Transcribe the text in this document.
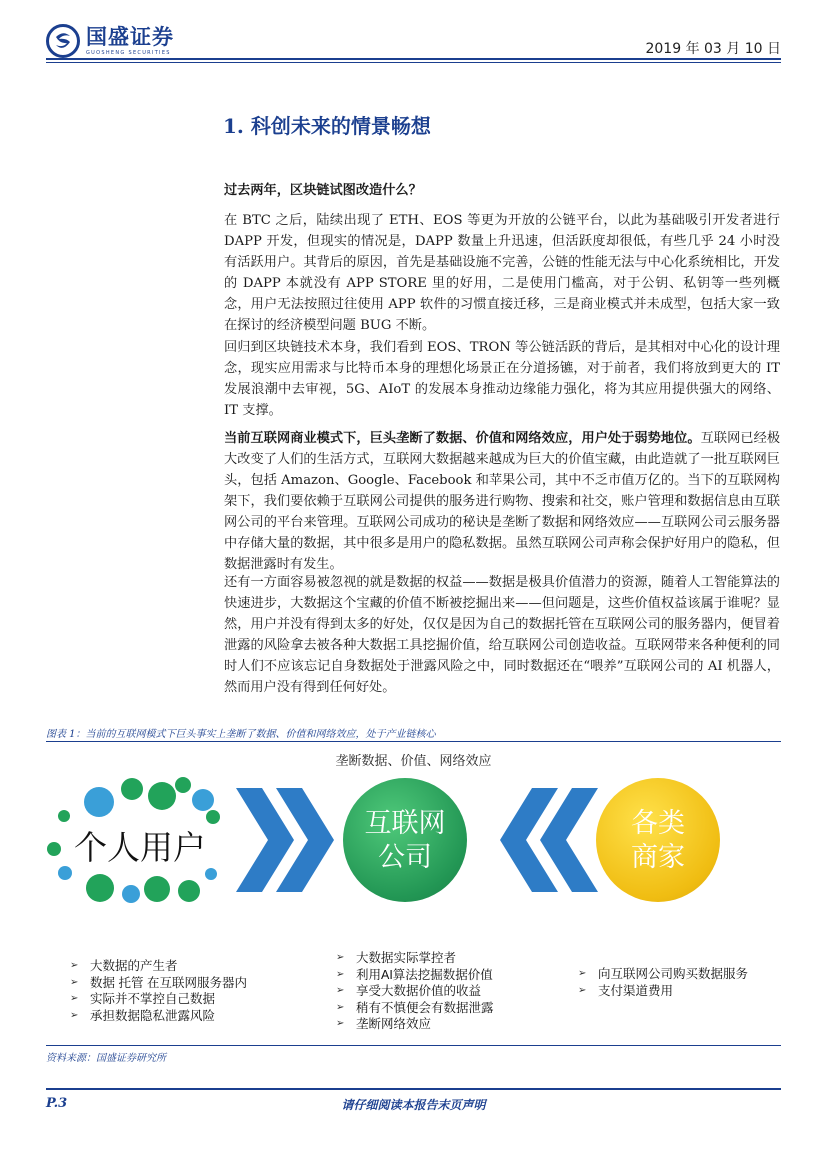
国盛证券
GUOSHENG SECURITIES	2019 年 03 月 10 日
1. 科创未来的情景畅想
过去两年，区块链试图改造什么？
在 BTC 之后，陆续出现了 ETH、EOS 等更为开放的公链平台，以此为基础吸引开发者进行 DAPP 开发，但现实的情况是，DAPP 数量上升迅速，但活跃度却很低，有些几乎 24 小时没有活跃用户。其背后的原因，首先是基础设施不完善，公链的性能无法与中心化系统相比，开发的 DAPP 本就没有 APP STORE 里的好用，二是使用门槛高，对于公钥、私钥等一些列概念，用户无法按照过往使用 APP 软件的习惯直接迁移，三是商业模式并未成型，包括大家一致在探讨的经济模型问题 BUG 不断。
回归到区块链技术本身，我们看到 EOS、TRON 等公链活跃的背后，是其相对中心化的设计理念，现实应用需求与比特币本身的理想化场景正在分道扬镳，对于前者，我们将放到更大的 IT 发展浪潮中去审视，5G、AIoT 的发展本身推动边缘能力强化，将为其应用提供强大的网络、IT 支撑。
当前互联网商业模式下，巨头垄断了数据、价值和网络效应，用户处于弱势地位。互联网已经极大改变了人们的生活方式，互联网大数据越来越成为巨大的价值宝藏，由此造就了一批互联网巨头，包括 Amazon、Google、Facebook 和苹果公司，其中不乏市值万亿的。当下的互联网构架下，我们要依赖于互联网公司提供的服务进行购物、搜索和社交，账户管理和数据信息由互联网公司的平台来管理。互联网公司成功的秘诀是垄断了数据和网络效应——互联网公司云服务器中存储大量的数据，其中很多是用户的隐私数据。虽然互联网公司声称会保护好用户的隐私，但数据泄露时有发生。
还有一方面容易被忽视的就是数据的权益——数据是极具价值潜力的资源，随着人工智能算法的快速进步，大数据这个宝藏的价值不断被挖掘出来——但问题是，这些价值权益该属于谁呢？显然，用户并没有得到太多的好处，仅仅是因为自己的数据托管在互联网公司的服务器内，便冒着泄露的风险拿去被各种大数据工具挖掘价值，给互联网公司创造收益。互联网带来各种便利的同时人们不应该忘记自身数据处于泄露风险之中，同时数据还在“喂养”互联网公司的 AI 机器人，然而用户没有得到任何好处。
图表 1：当前的互联网模式下巨头事实上垄断了数据、价值和网络效应，处于产业链核心
垄断数据、价值、网络效应
个人用户
互联网
公司
各类
商家
➢ 大数据的产生者
➢ 数据 托管 在互联网服务器内
➢ 实际并不掌控自己数据
➢ 承担数据隐私泄露风险
➢ 大数据实际掌控者
➢ 利用AI算法挖掘数据价值
➢ 享受大数据价值的收益
➢ 稍有不慎便会有数据泄露
➢ 垄断网络效应
➢ 向互联网公司购买数据服务
➢ 支付渠道费用
资料来源：国盛证券研究所
P.3	请仔细阅读本报告末页声明
